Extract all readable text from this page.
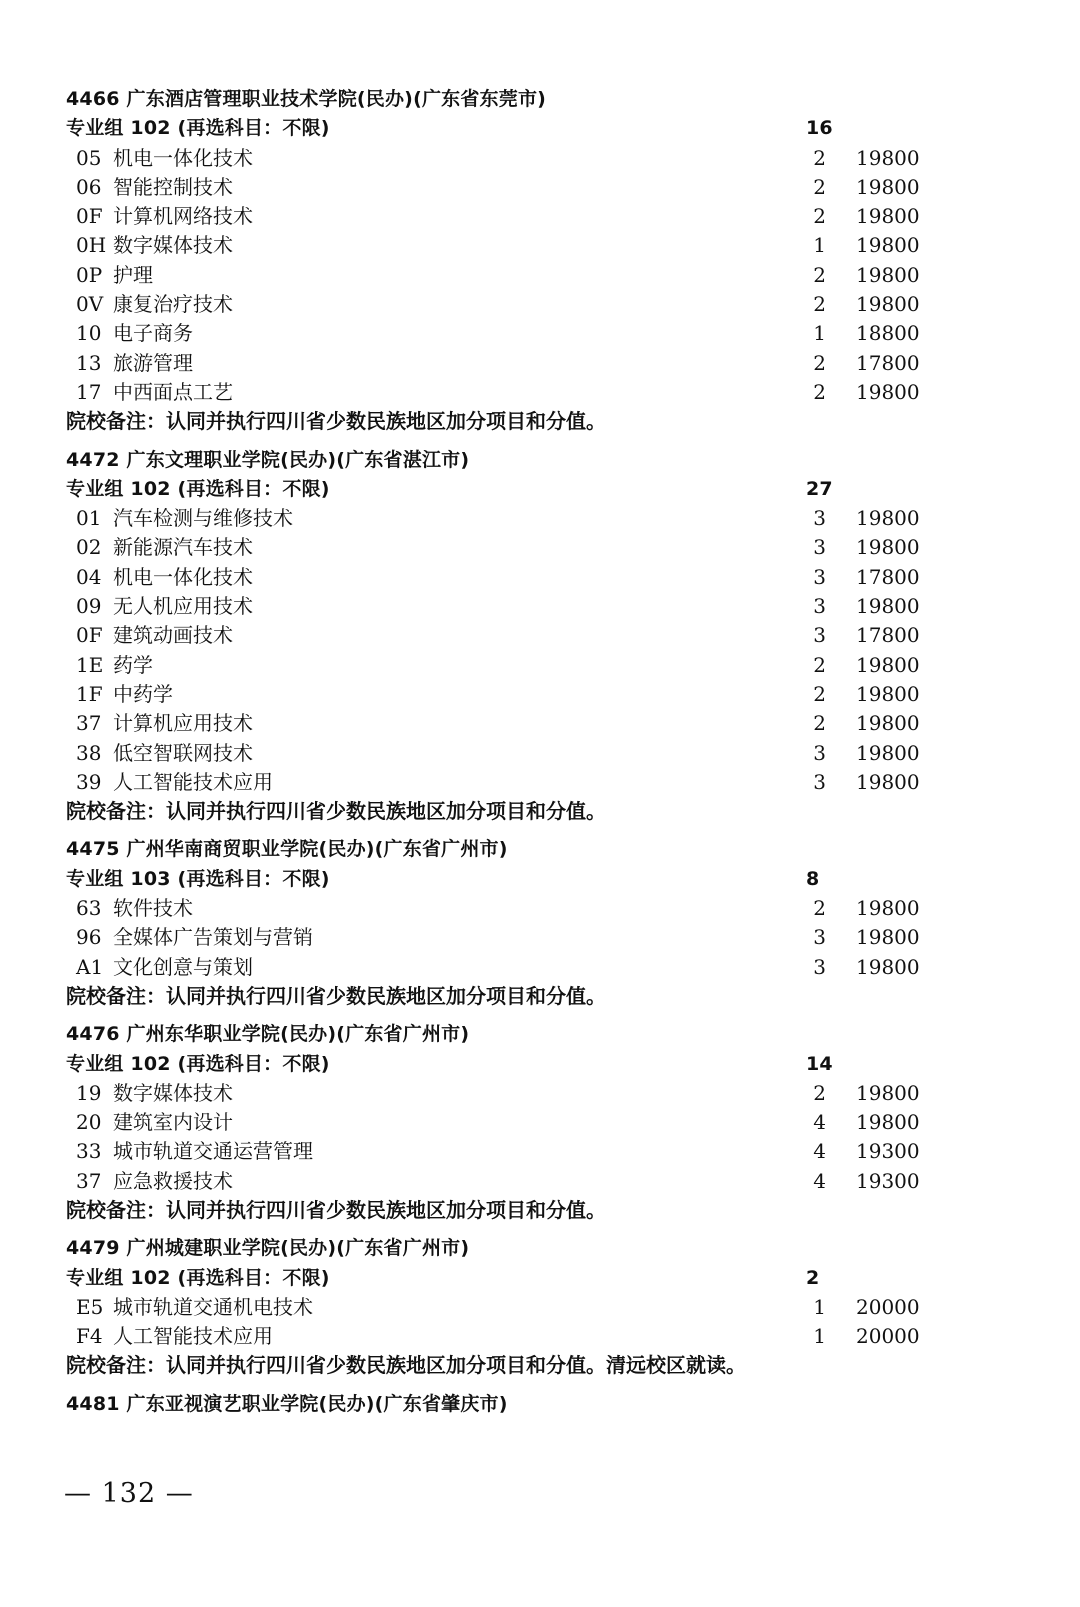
4466 广东酒店管理职业技术学院(民办)(广东省东莞市)
专业组 102 (再选科目：不限)	16
05 机电一体化技术	2 19800
06 智能控制技术	2 19800
0F 计算机网络技术	2 19800
0H 数字媒体技术	1 19800
0P 护理	2 19800
0V 康复治疗技术	2 19800
10 电子商务	1 18800
13 旅游管理	2 17800
17 中西面点工艺	2 19800
院校备注：认同并执行四川省少数民族地区加分项目和分值。
4472 广东文理职业学院(民办)(广东省湛江市)
专业组 102 (再选科目：不限)	27
01 汽车检测与维修技术	3 19800
02 新能源汽车技术	3 19800
04 机电一体化技术	3 17800
09 无人机应用技术	3 19800
0F 建筑动画技术	3 17800
1E 药学	2 19800
1F 中药学	2 19800
37 计算机应用技术	2 19800
38 低空智联网技术	3 19800
39 人工智能技术应用	3 19800
院校备注：认同并执行四川省少数民族地区加分项目和分值。
4475 广州华南商贸职业学院(民办)(广东省广州市)
专业组 103 (再选科目：不限)	8
63 软件技术	2 19800
96 全媒体广告策划与营销	3 19800
A1 文化创意与策划	3 19800
院校备注：认同并执行四川省少数民族地区加分项目和分值。
4476 广州东华职业学院(民办)(广东省广州市)
专业组 102 (再选科目：不限)	14
19 数字媒体技术	2 19800
20 建筑室内设计	4 19800
33 城市轨道交通运营管理	4 19300
37 应急救援技术	4 19300
院校备注：认同并执行四川省少数民族地区加分项目和分值。
4479 广州城建职业学院(民办)(广东省广州市)
专业组 102 (再选科目：不限)	2
E5 城市轨道交通机电技术	1 20000
F4 人工智能技术应用	1 20000
院校备注：认同并执行四川省少数民族地区加分项目和分值。清远校区就读。
4481 广东亚视演艺职业学院(民办)(广东省肇庆市)
— 132 —
